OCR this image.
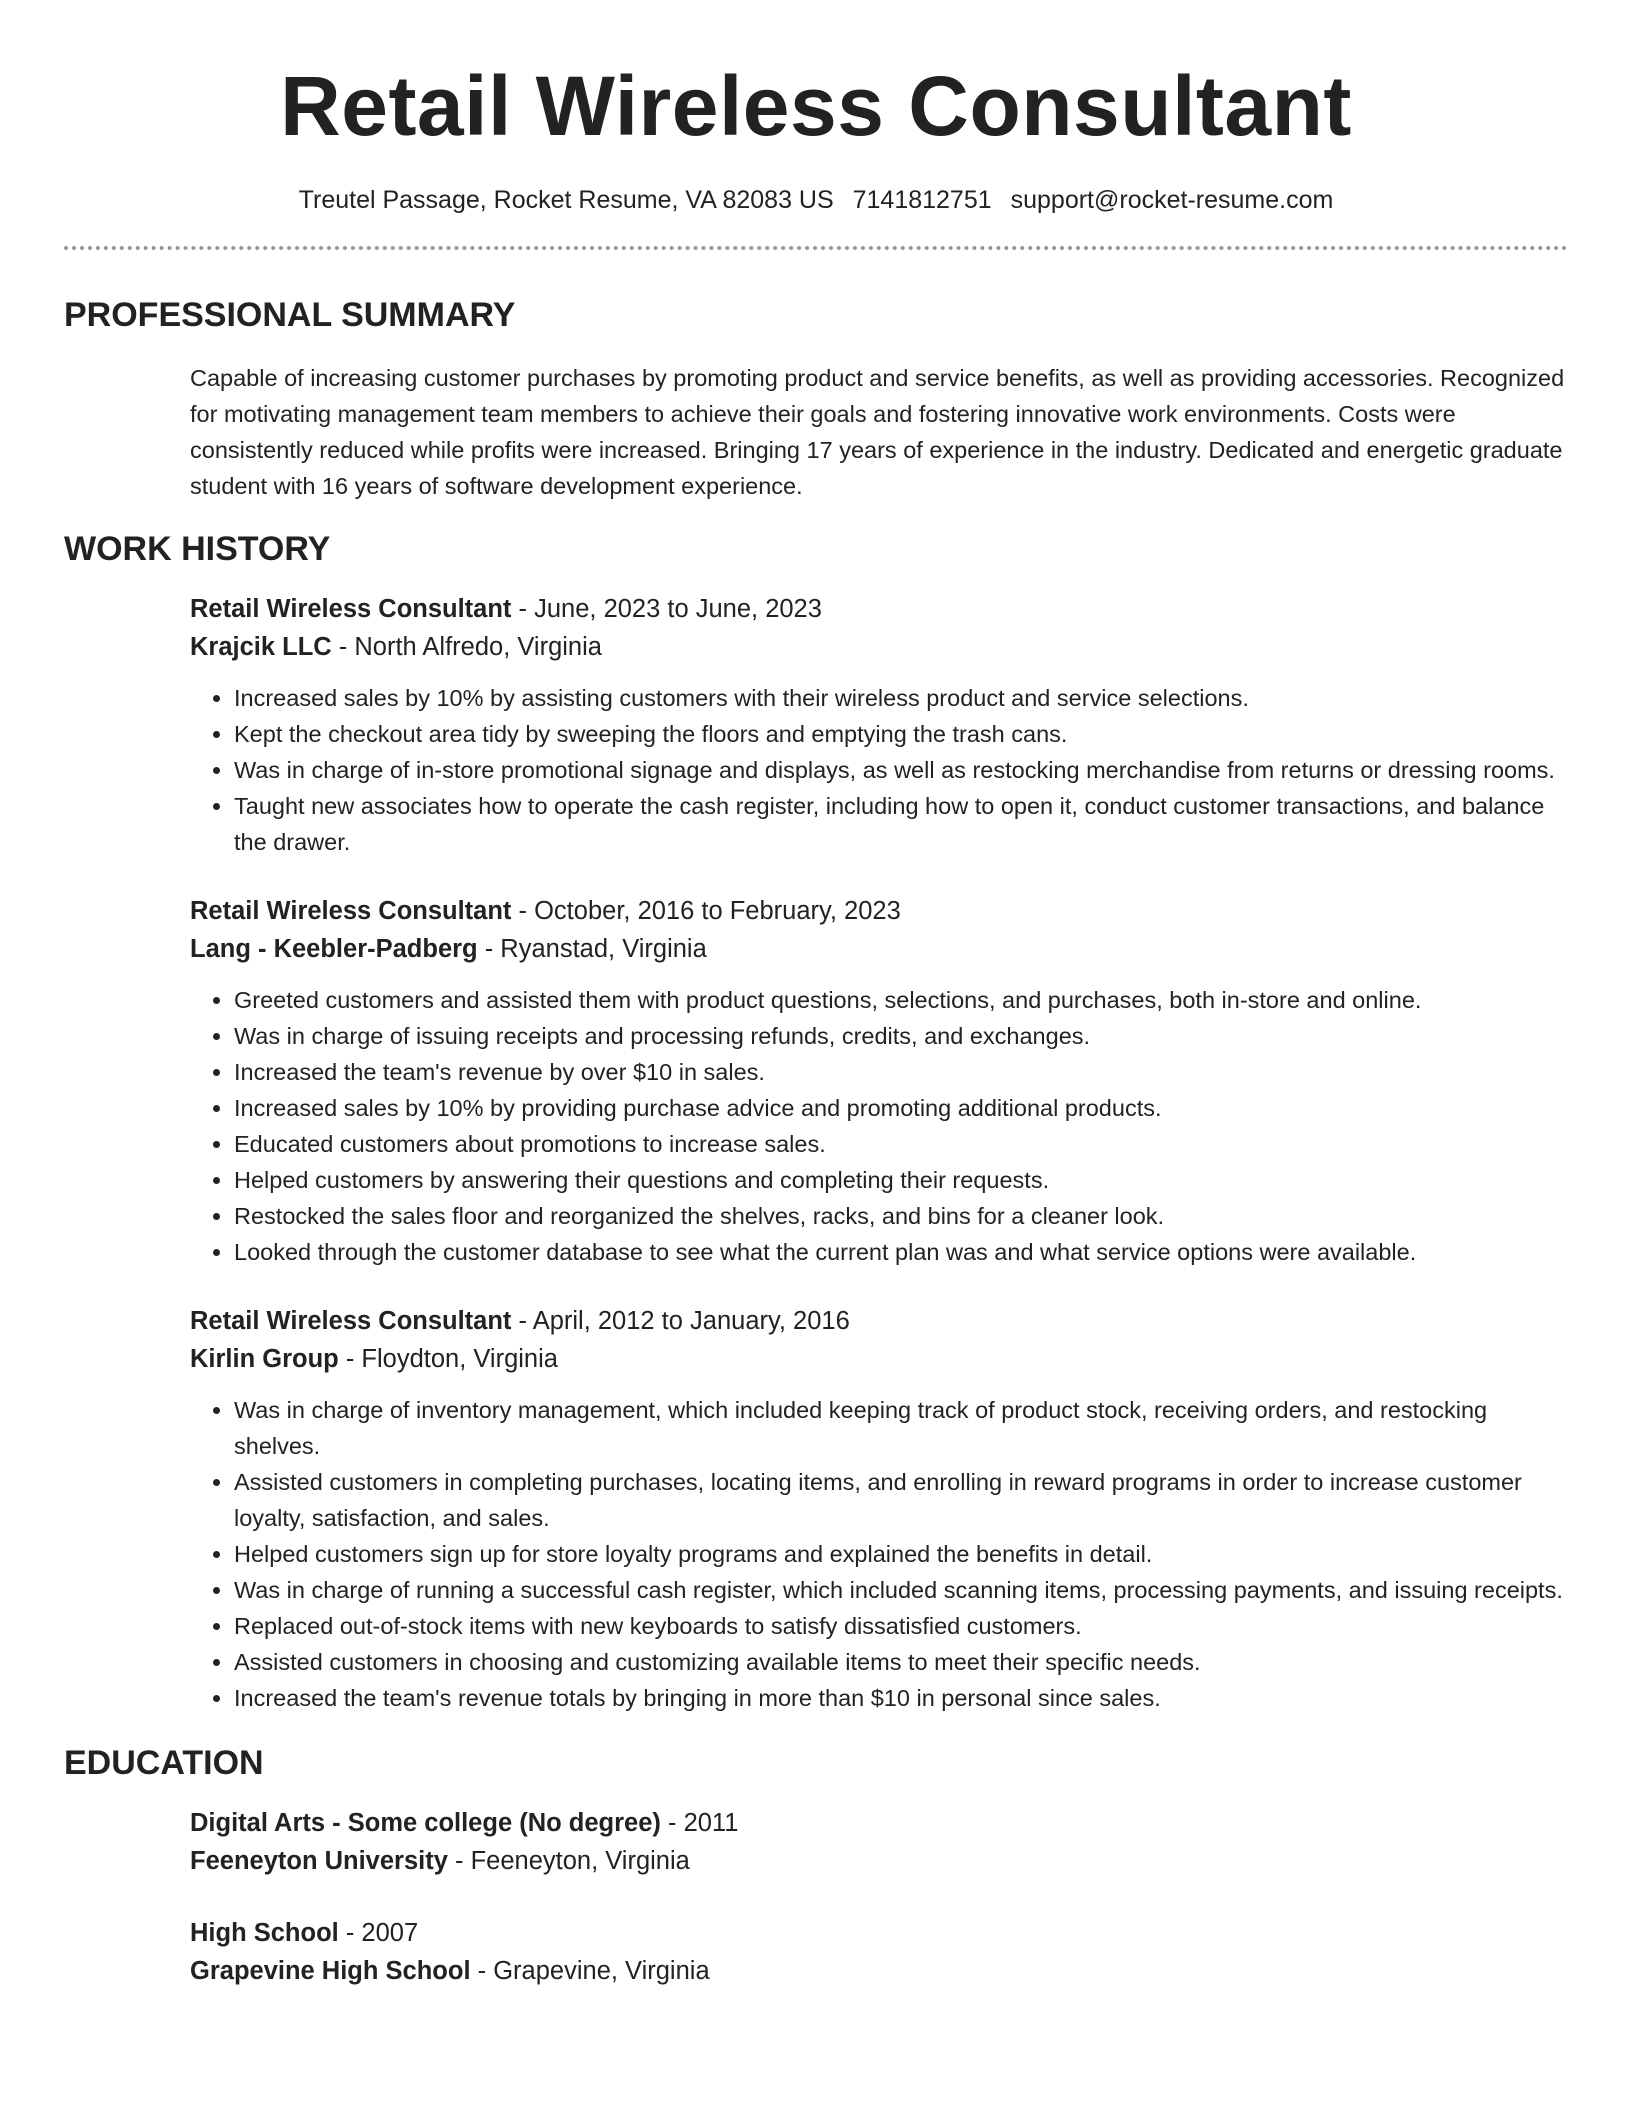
Retail Wireless Consultant
Treutel Passage, Rocket Resume, VA 82083 US 7141812751 support@rocket-resume.com
PROFESSIONAL SUMMARY
Capable of increasing customer purchases by promoting product and service benefits, as well as providing accessories. Recognized for motivating management team members to achieve their goals and fostering innovative work environments. Costs were consistently reduced while profits were increased. Bringing 17 years of experience in the industry. Dedicated and energetic graduate student with 16 years of software development experience.
WORK HISTORY
Retail Wireless Consultant - June, 2023 to June, 2023
Krajcik LLC - North Alfredo, Virginia
• Increased sales by 10% by assisting customers with their wireless product and service selections.
• Kept the checkout area tidy by sweeping the floors and emptying the trash cans.
• Was in charge of in-store promotional signage and displays, as well as restocking merchandise from returns or dressing rooms.
• Taught new associates how to operate the cash register, including how to open it, conduct customer transactions, and balance the drawer.
Retail Wireless Consultant - October, 2016 to February, 2023
Lang - Keebler-Padberg - Ryanstad, Virginia
• Greeted customers and assisted them with product questions, selections, and purchases, both in-store and online.
• Was in charge of issuing receipts and processing refunds, credits, and exchanges.
• Increased the team's revenue by over $10 in sales.
• Increased sales by 10% by providing purchase advice and promoting additional products.
• Educated customers about promotions to increase sales.
• Helped customers by answering their questions and completing their requests.
• Restocked the sales floor and reorganized the shelves, racks, and bins for a cleaner look.
• Looked through the customer database to see what the current plan was and what service options were available.
Retail Wireless Consultant - April, 2012 to January, 2016
Kirlin Group - Floydton, Virginia
• Was in charge of inventory management, which included keeping track of product stock, receiving orders, and restocking shelves.
• Assisted customers in completing purchases, locating items, and enrolling in reward programs in order to increase customer loyalty, satisfaction, and sales.
• Helped customers sign up for store loyalty programs and explained the benefits in detail.
• Was in charge of running a successful cash register, which included scanning items, processing payments, and issuing receipts.
• Replaced out-of-stock items with new keyboards to satisfy dissatisfied customers.
• Assisted customers in choosing and customizing available items to meet their specific needs.
• Increased the team's revenue totals by bringing in more than $10 in personal since sales.
EDUCATION
Digital Arts - Some college (No degree) - 2011
Feeneyton University - Feeneyton, Virginia
High School - 2007
Grapevine High School - Grapevine, Virginia
